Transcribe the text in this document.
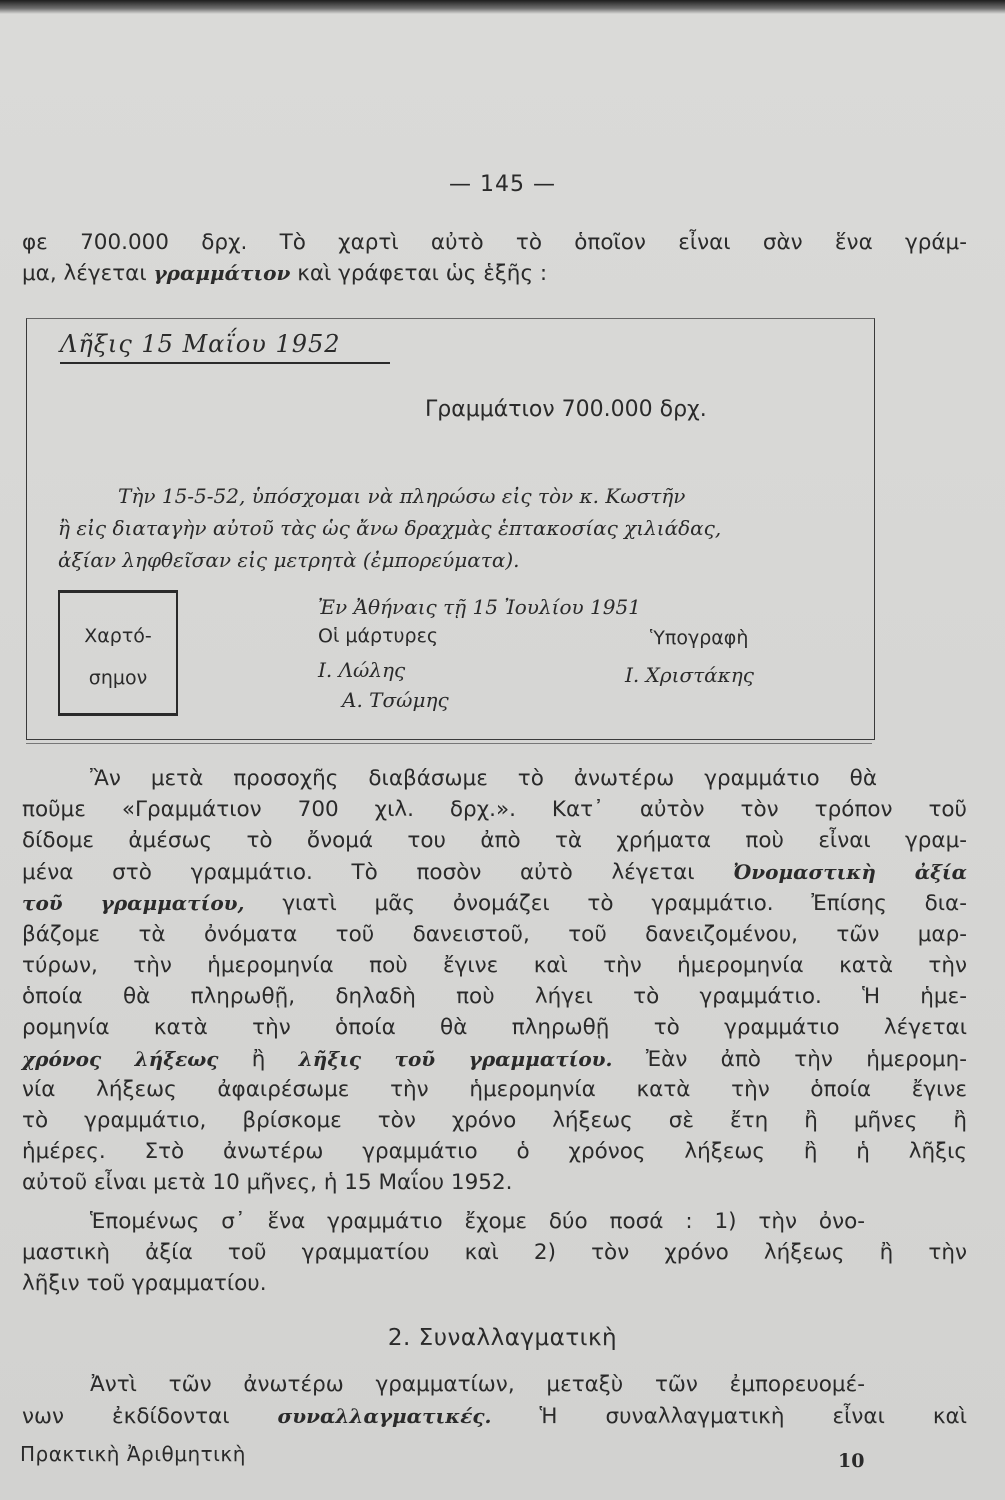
— 145 —
φε 700.000 δρχ. Τὸ χαρτὶ αὐτὸ τὸ ὁποῖον εἶναι σὰν ἕνα γράμ-
μα, λέγεται γραμμάτιον καὶ γράφεται ὡς ἑξῆς :
Λῆξις 15 Μαΐου 1952
Γραμμάτιον 700.000 δρχ.
Τὴν 15-5-52, ὑπόσχομαι νὰ πληρώσω εἰς τὸν κ. Κωστῆν
ἢ εἰς διαταγὴν αὐτοῦ τὰς ὡς ἄνω δραχμὰς ἑπτακοσίας χιλιάδας,
ἀξίαν ληφθεῖσαν εἰς μετρητὰ (ἐμπορεύματα).
Ἐν Ἀθήναις τῇ 15 Ἰουλίου 1951
Χαρτό-
σημον
Οἱ μάρτυρες	Ὑπογραφὴ
Ι. Λώλης	Ι. Χριστάκης
Α. Τσώμης
Ἂν μετὰ προσοχῆς διαβάσωμε τὸ ἀνωτέρω γραμμάτιο θὰ
ποῦμε «Γραμμάτιον 700 χιλ. δρχ.». Κατ᾽ αὐτὸν τὸν τρόπον τοῦ
δίδομε ἀμέσως τὸ ὄνομά του ἀπὸ τὰ χρήματα ποὺ εἶναι γραμ-
μένα στὸ γραμμάτιο. Τὸ ποσὸν αὐτὸ λέγεται Ὀνομαστικὴ ἀξία
τοῦ γραμματίου, γιατὶ μᾶς ὀνομάζει τὸ γραμμάτιο. Ἐπίσης δια-
βάζομε τὰ ὀνόματα τοῦ δανειστοῦ, τοῦ δανειζομένου, τῶν μαρ-
τύρων, τὴν ἡμερομηνία ποὺ ἔγινε καὶ τὴν ἡμερομηνία κατὰ τὴν
ὁποία θὰ πληρωθῇ, δηλαδὴ ποὺ λήγει τὸ γραμμάτιο. Ἡ ἡμε-
ρομηνία κατὰ τὴν ὁποία θὰ πληρωθῇ τὸ γραμμάτιο λέγεται
χρόνος λήξεως ἢ λῆξις τοῦ γραμματίου. Ἐὰν ἀπὸ τὴν ἡμερομη-
νία λήξεως ἀφαιρέσωμε τὴν ἡμερομηνία κατὰ τὴν ὁποία ἔγινε
τὸ γραμμάτιο, βρίσκομε τὸν χρόνο λήξεως σὲ ἔτη ἢ μῆνες ἢ
ἡμέρες. Στὸ ἀνωτέρω γραμμάτιο ὁ χρόνος λήξεως ἢ ἡ λῆξις
αὐτοῦ εἶναι μετὰ 10 μῆνες, ἡ 15 Μαΐου 1952.
Ἑπομένως σ᾽ ἕνα γραμμάτιο ἔχομε δύο ποσά : 1) τὴν ὀνο-
μαστικὴ ἀξία τοῦ γραμματίου καὶ 2) τὸν χρόνο λήξεως ἢ τὴν
λῆξιν τοῦ γραμματίου.
2. Συναλλαγματικὴ
Ἀντὶ τῶν ἀνωτέρω γραμματίων, μεταξὺ τῶν ἐμπορευομέ-
νων ἐκδίδονται συναλλαγματικές. Ἡ συναλλαγματικὴ εἶναι καὶ
Πρακτικὴ Ἀριθμητικὴ	10
